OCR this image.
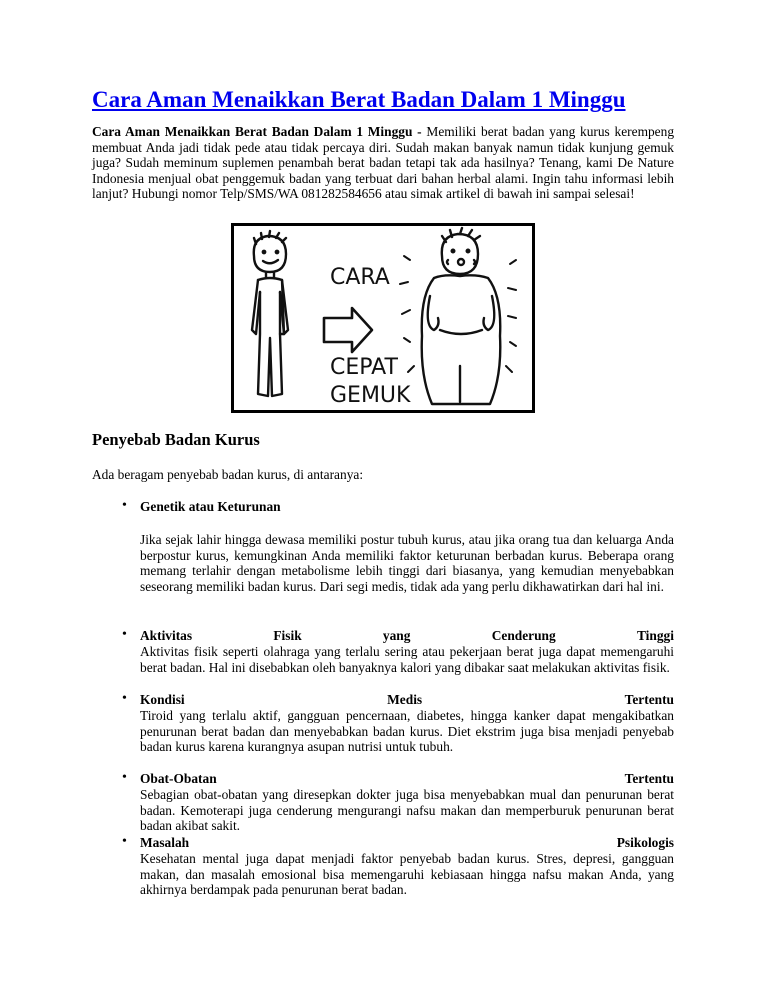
Cara Aman Menaikkan Berat Badan Dalam 1 Minggu

Cara Aman Menaikkan Berat Badan Dalam 1 Minggu - Memiliki berat badan yang kurus kerempeng membuat Anda jadi tidak pede atau tidak percaya diri. Sudah makan banyak namun tidak kunjung gemuk juga? Sudah meminum suplemen penambah berat badan tetapi tak ada hasilnya? Tenang, kami De Nature Indonesia menjual obat penggemuk badan yang terbuat dari bahan herbal alami. Ingin tahu informasi lebih lanjut? Hubungi nomor Telp/SMS/WA 081282584656 atau simak artikel di bawah ini sampai selesai!

CARA
CEPAT
GEMUK
Penyebab Badan Kurus

Ada beragam penyebab badan kurus, di antaranya:

• Genetik atau Keturunan

Jika sejak lahir hingga dewasa memiliki postur tubuh kurus, atau jika orang tua dan keluarga Anda berpostur kurus, kemungkinan Anda memiliki faktor keturunan berbadan kurus. Beberapa orang memang terlahir dengan metabolisme lebih tinggi dari biasanya, yang kemudian menyebabkan seseorang memiliki badan kurus. Dari segi medis, tidak ada yang perlu dikhawatirkan dari hal ini.

• Aktivitas	Fisik	yang	Cenderung	Tinggi

Aktivitas fisik seperti olahraga yang terlalu sering atau pekerjaan berat juga dapat memengaruhi berat badan. Hal ini disebabkan oleh banyaknya kalori yang dibakar saat melakukan aktivitas fisik.

• Kondisi	Medis	Tertentu

Tiroid yang terlalu aktif, gangguan pencernaan, diabetes, hingga kanker dapat mengakibatkan penurunan berat badan dan menyebabkan badan kurus. Diet ekstrim juga bisa menjadi penyebab badan kurus karena kurangnya asupan nutrisi untuk tubuh.

• Obat-Obatan	Tertentu

Sebagian obat-obatan yang diresepkan dokter juga bisa menyebabkan mual dan penurunan berat badan. Kemoterapi juga cenderung mengurangi nafsu makan dan memperburuk penurunan berat badan akibat sakit.

• Masalah	Psikologis

Kesehatan mental juga dapat menjadi faktor penyebab badan kurus. Stres, depresi, gangguan makan, dan masalah emosional bisa memengaruhi kebiasaan hingga nafsu makan Anda, yang akhirnya berdampak pada penurunan berat badan.
